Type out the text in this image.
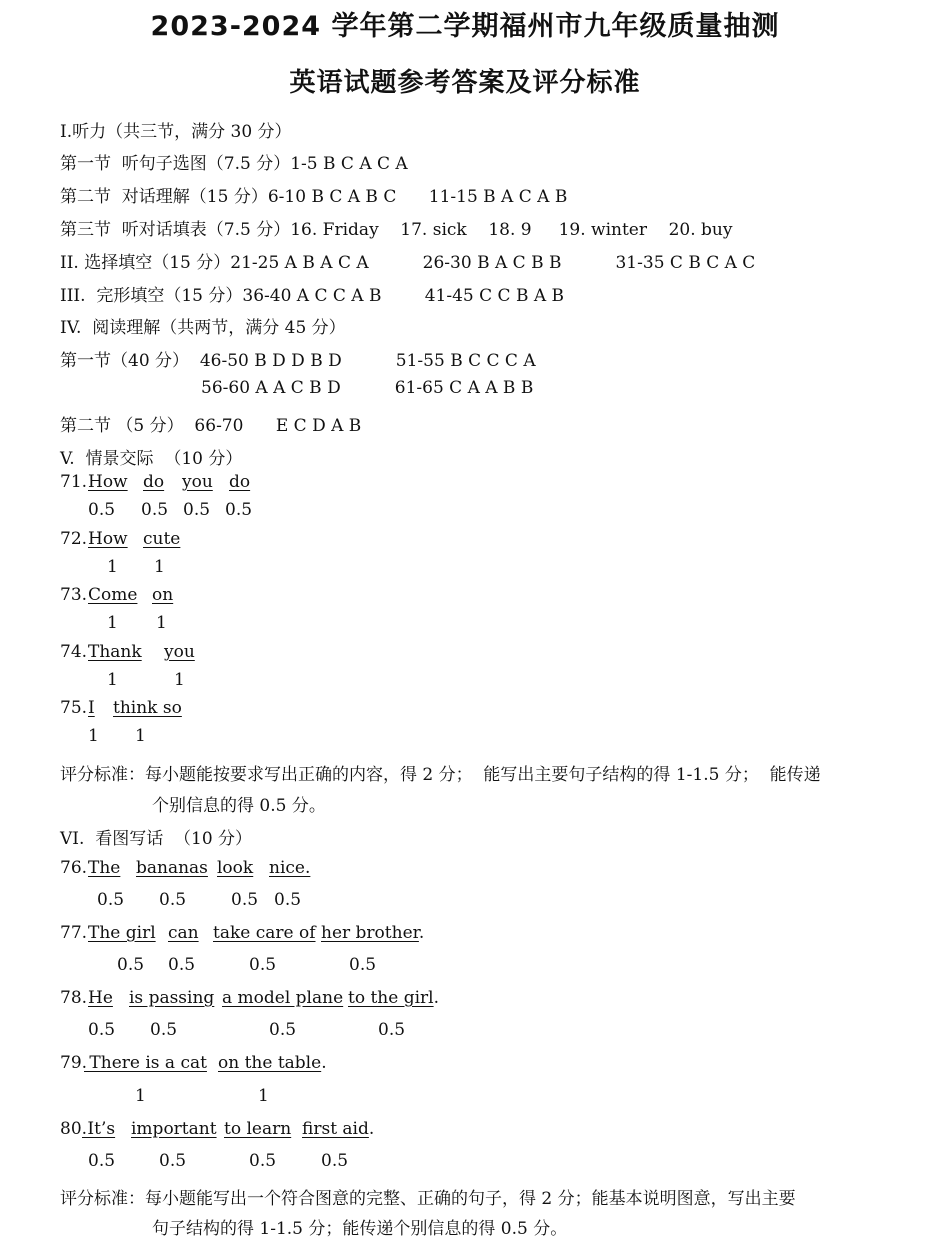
2023-2024 学年第二学期福州市九年级质量抽测
英语试题参考答案及评分标准
I.听力（共三节，满分 30 分）
第一节  听句子选图（7.5 分）1-5 B C A C A
第二节  对话理解（15 分）6-10 B C A B C      11-15 B A C A B
第三节  听对话填表（7.5 分）16. Friday    17. sick    18. 9     19. winter    20. buy
II. 选择填空（15 分）21-25 A B A C A          26-30 B A C B B          31-35 C B C A C
III.  完形填空（15 分）36-40 A C C A B        41-45 C C B A B
IV.  阅读理解（共两节，满分 45 分）
第一节（40 分）  46-50 B D D B D          51-55 B C C C A
56-60 A A C B D          61-65 C A A B B
第二节 （5 分）  66-70      E C D A B
V.  情景交际  （10 分）
71. How do you do
0.5 0.5 0.5 0.5
72. How cute
1 1
73. Come on
1 1
74. Thank you
1	1
75. I think so
1 1
评分标准：每小题能按要求写出正确的内容，得 2 分；  能写出主要句子结构的得 1-1.5 分；  能传递
个别信息的得 0.5 分。
VI.  看图写话  （10 分）
76. The bananas look nice.
0.5 0.5	0.5 0.5
77. The girl can take care of her brother.
0.5 0.5	0.5	0.5
78. He is passing a model plane to the girl.
0.5 0.5	0.5	0.5
79.
There is a cat on the table.
1	1
80.
It’s important to learn first aid.
0.5	0.5	0.5	0.5
评分标准：每小题能写出一个符合图意的完整、正确的句子，得 2 分；能基本说明图意，写出主要
句子结构的得 1-1.5 分；能传递个别信息的得 0.5 分。
